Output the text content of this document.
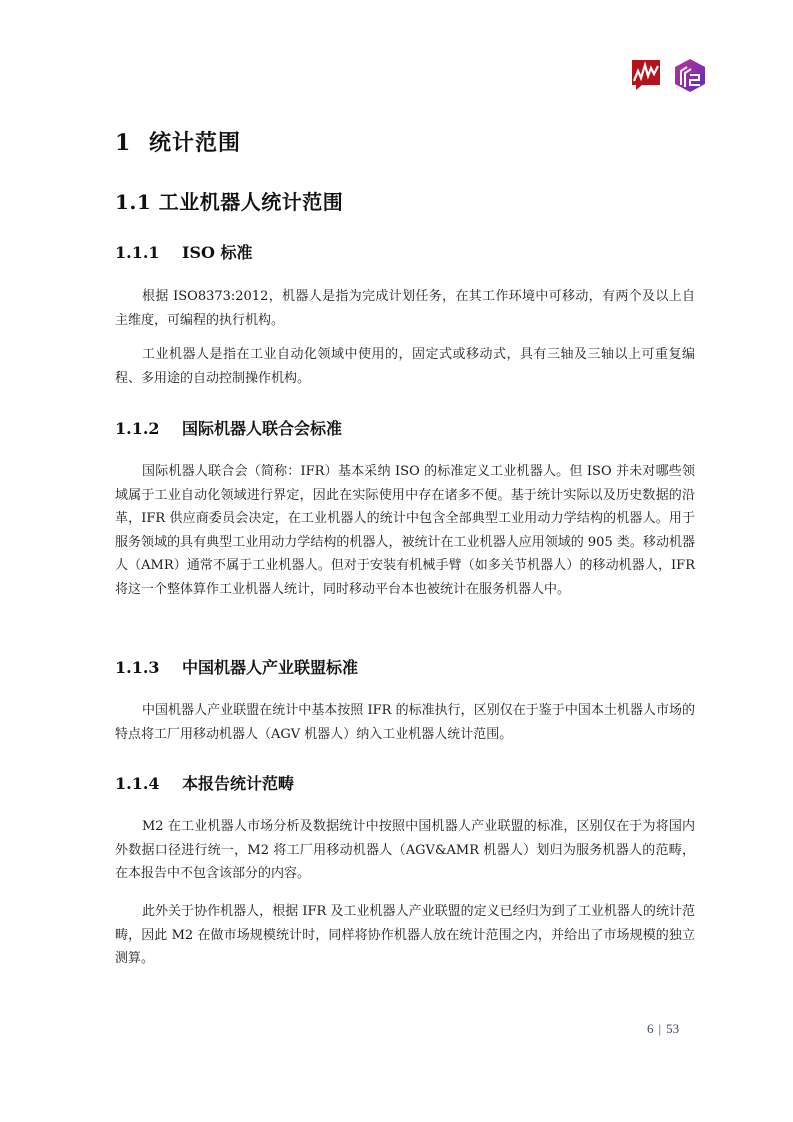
1 统计范围
1.1 工业机器人统计范围
1.1.1 ISO 标准

根据 ISO8373:2012，机器人是指为完成计划任务，在其工作环境中可移动，有两个及以上自主维度，可编程的执行机构。

工业机器人是指在工业自动化领域中使用的，固定式或移动式，具有三轴及三轴以上可重复编程、多用途的自动控制操作机构。

1.1.2 国际机器人联合会标准

国际机器人联合会（简称：IFR）基本采纳 ISO 的标准定义工业机器人。但 ISO 并未对哪些领域属于工业自动化领域进行界定，因此在实际使用中存在诸多不便。基于统计实际以及历史数据的沿革，IFR 供应商委员会决定，在工业机器人的统计中包含全部典型工业用动力学结构的机器人。用于服务领域的具有典型工业用动力学结构的机器人，被统计在工业机器人应用领域的 905 类。移动机器人（AMR）通常不属于工业机器人。但对于安装有机械手臂（如多关节机器人）的移动机器人，IFR 将这一个整体算作工业机器人统计，同时移动平台本也被统计在服务机器人中。

1.1.3 中国机器人产业联盟标准

中国机器人产业联盟在统计中基本按照 IFR 的标准执行，区别仅在于鉴于中国本土机器人市场的特点将工厂用移动机器人（AGV 机器人）纳入工业机器人统计范围。

1.1.4 本报告统计范畴

M2 在工业机器人市场分析及数据统计中按照中国机器人产业联盟的标准，区别仅在于为将国内外数据口径进行统一，M2 将工厂用移动机器人（AGV&AMR 机器人）划归为服务机器人的范畴，在本报告中不包含该部分的内容。

此外关于协作机器人，根据 IFR 及工业机器人产业联盟的定义已经归为到了工业机器人的统计范畴，因此 M2 在做市场规模统计时，同样将协作机器人放在统计范围之内，并给出了市场规模的独立测算。

6 | 53
